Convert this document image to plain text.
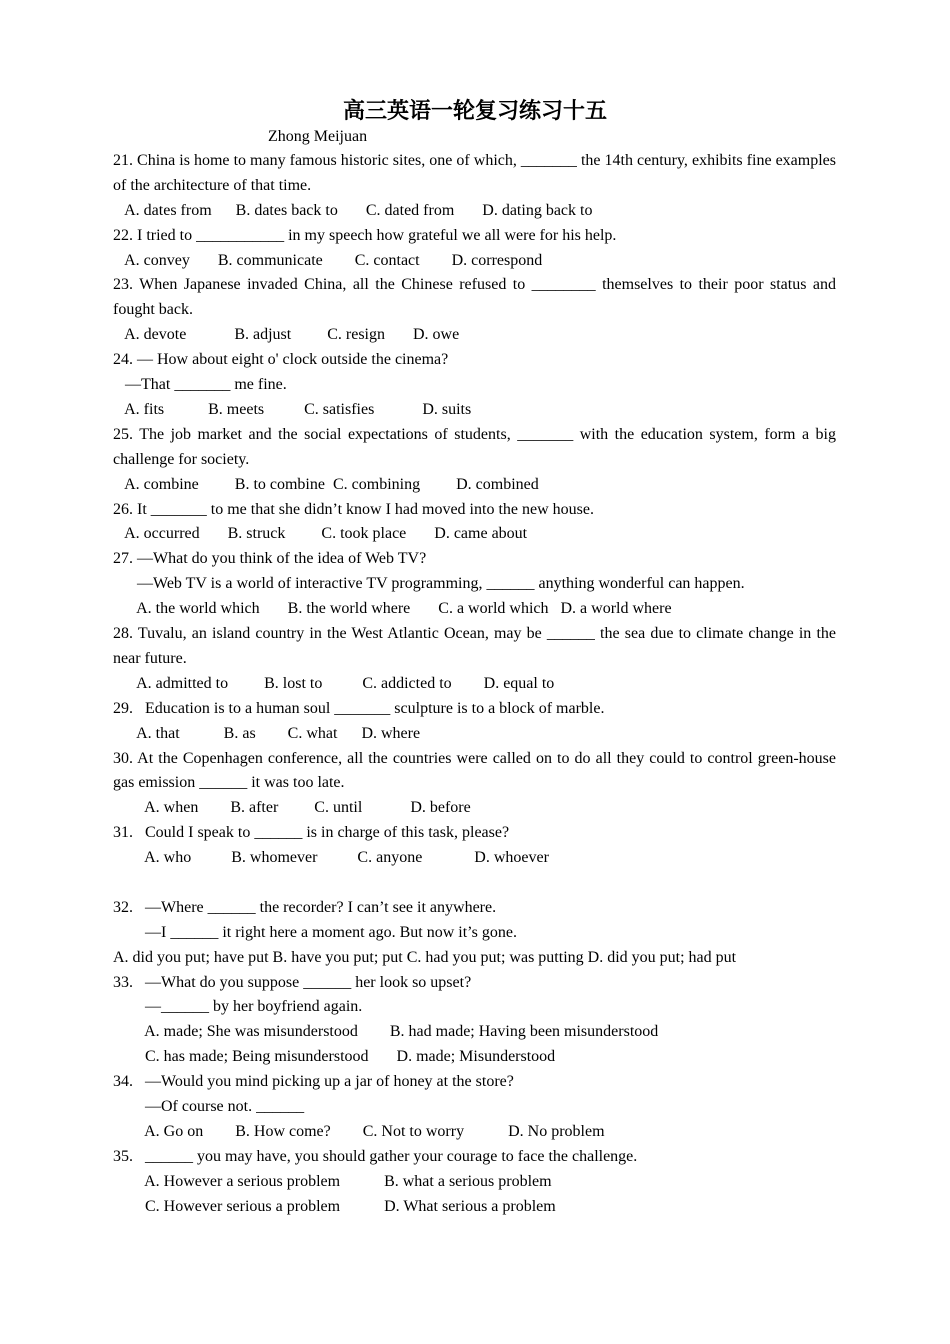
高三英语一轮复习练习十五
Zhong Meijuan
21. China is home to many famous historic sites, one of which, _______ the 14th century, exhibits fine examples of the architecture of that time.
A. dates from      B. dates back to       C. dated from       D. dating back to
22. I tried to ___________ in my speech how grateful we all were for his help.
A. convey       B. communicate        C. contact        D. correspond
23. When Japanese invaded China, all the Chinese refused to ________ themselves to their poor status and fought back.
A. devote            B. adjust         C. resign       D. owe
24. — How about eight o' clock outside the cinema?
—That _______ me fine.
A. fits           B. meets          C. satisfies            D. suits
25. The job market and the social expectations of students, _______ with the education system, form a big challenge for society.
A. combine         B. to combine  C. combining         D. combined
26. It _______ to me that she didn’t know I had moved into the new house.
A. occurred       B. struck         C. took place       D. came about
27. —What do you think of the idea of Web TV?
—Web TV is a world of interactive TV programming, ______ anything wonderful can happen.
A. the world which       B. the world where       C. a world which   D. a world where
28. Tuvalu, an island country in the West Atlantic Ocean, may be ______ the sea due to climate change in the near future.
A. admitted to         B. lost to          C. addicted to        D. equal to
29.   Education is to a human soul _______ sculpture is to a block of marble.
A. that           B. as        C. what      D. where
30. At the Copenhagen conference, all the countries were called on to do all they could to control green-house gas emission ______ it was too late.
A. when        B. after         C. until            D. before
31.   Could I speak to ______ is in charge of this task, please?
A. who          B. whomever          C. anyone             D. whoever
32.   —Where ______ the recorder? I can’t see it anywhere.
—I ______ it right here a moment ago. But now it’s gone.
A. did you put; have put B. have you put; put C. had you put; was putting D. did you put; had put
33.   —What do you suppose ______ her look so upset?
—______ by her boyfriend again.
A. made; She was misunderstood        B. had made; Having been misunderstood
C. has made; Being misunderstood       D. made; Misunderstood
34.   —Would you mind picking up a jar of honey at the store?
—Of course not. ______
A. Go on        B. How come?        C. Not to worry           D. No problem
35.   ______ you may have, you should gather your courage to face the challenge.
A. However a serious problem           B. what a serious problem
C. However serious a problem           D. What serious a problem
